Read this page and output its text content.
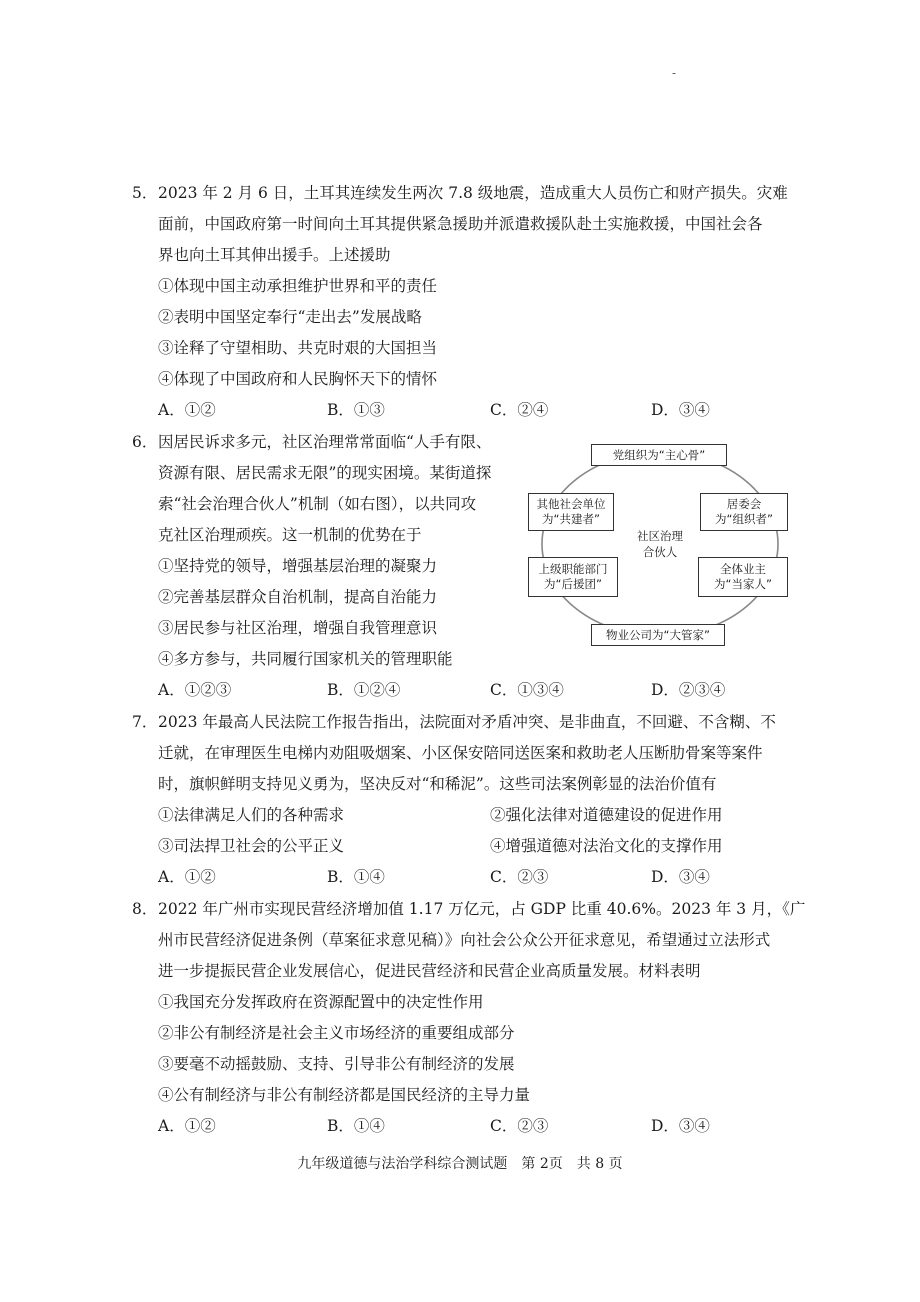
-
5．2023 年 2 月 6 日，土耳其连续发生两次 7.8 级地震，造成重大人员伤亡和财产损失。灾难
面前，中国政府第一时间向土耳其提供紧急援助并派遣救援队赴土实施救援，中国社会各
界也向土耳其伸出援手。上述援助
①体现中国主动承担维护世界和平的责任
②表明中国坚定奉行“走出去”发展战略
③诠释了守望相助、共克时艰的大国担当
④体现了中国政府和人民胸怀天下的情怀
A．①②	B．①③	C．②④	D．③④
6．因居民诉求多元，社区治理常常面临“人手有限、
资源有限、居民需求无限”的现实困境。某街道探
索“社会治理合伙人”机制（如右图），以共同攻
克社区治理顽疾。这一机制的优势在于
①坚持党的领导，增强基层治理的凝聚力
②完善基层群众自治机制，提高自治能力
③居民参与社区治理，增强自我管理意识
④多方参与，共同履行国家机关的管理职能
A．①②③	B．①②④	C．①③④	D．②③④
党组织为“主心骨”
其他社会单位
为“共建者”
居委会
为“组织者”
社区治理
合伙人
上级职能部门
为“后援团”
全体业主
为“当家人”
物业公司为“大管家”
7．2023 年最高人民法院工作报告指出，法院面对矛盾冲突、是非曲直，不回避、不含糊、不
迁就，在审理医生电梯内劝阻吸烟案、小区保安陪同送医案和救助老人压断肋骨案等案件
时，旗帜鲜明支持见义勇为，坚决反对“和稀泥”。这些司法案例彰显的法治价值有
①法律满足人们的各种需求	②强化法律对道德建设的促进作用
③司法捍卫社会的公平正义	④增强道德对法治文化的支撑作用
A．①②	B．①④	C．②③	D．③④
8．2022 年广州市实现民营经济增加值 1.17 万亿元，占 GDP 比重 40.6%。2023 年 3 月，《广
州市民营经济促进条例（草案征求意见稿）》向社会公众公开征求意见，希望通过立法形式
进一步提振民营企业发展信心，促进民营经济和民营企业高质量发展。材料表明
①我国充分发挥政府在资源配置中的决定性作用
②非公有制经济是社会主义市场经济的重要组成部分
③要毫不动摇鼓励、支持、引导非公有制经济的发展
④公有制经济与非公有制经济都是国民经济的主导力量
A．①②	B．①④	C．②③	D．③④
九年级道德与法治学科综合测试题　第 2页　共 8 页
